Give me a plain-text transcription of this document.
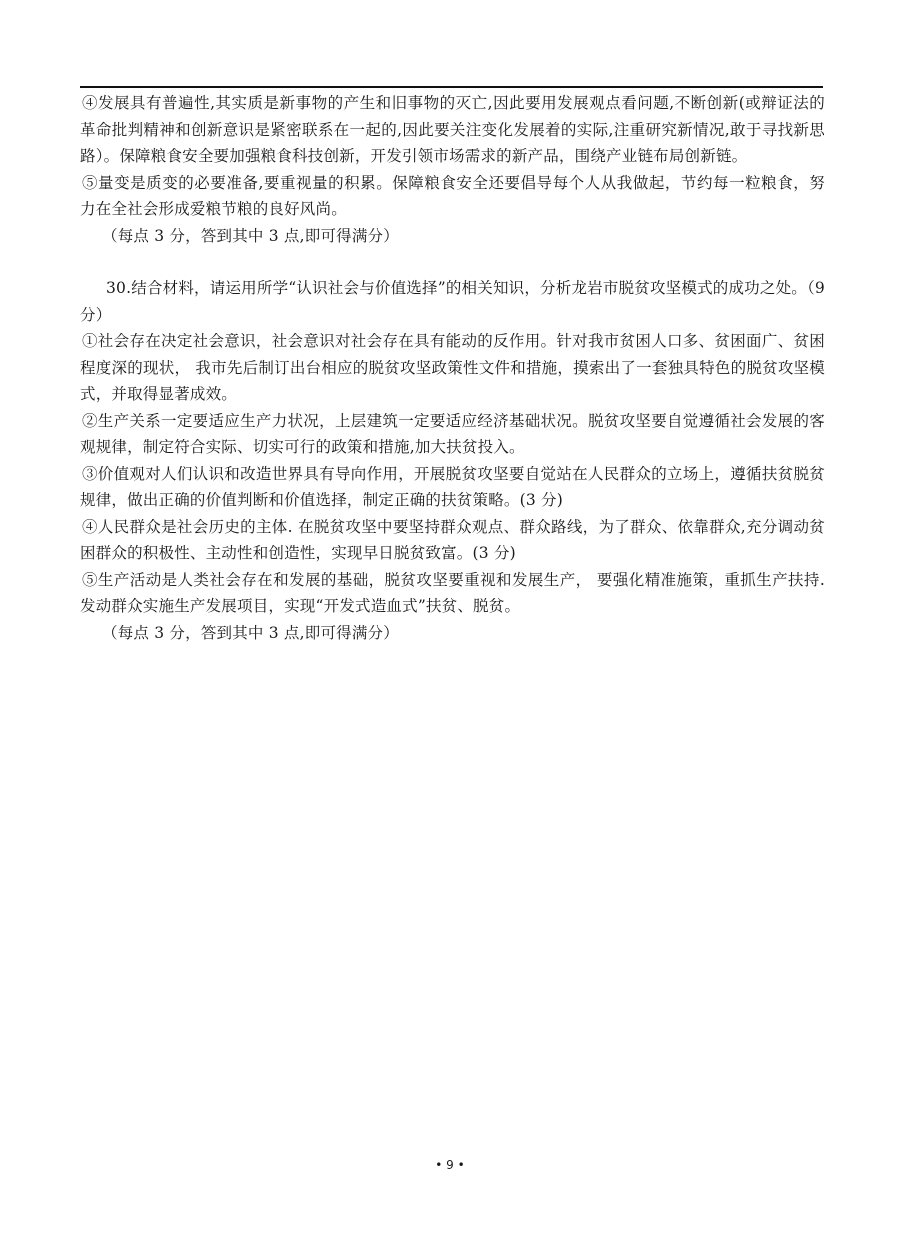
④发展具有普遍性,其实质是新事物的产生和旧事物的灭亡,因此要用发展观点看问题,不断创新(或辩证法的革命批判精神和创新意识是紧密联系在一起的,因此要关注变化发展着的实际,注重研究新情况,敢于寻找新思路）。保障粮食安全要加强粮食科技创新，开发引领市场需求的新产品，围绕产业链布局创新链。

⑤量变是质变的必要准备,要重视量的积累。保障粮食安全还要倡导每个人从我做起，节约每一粒粮食，努力在全社会形成爱粮节粮的良好风尚。

（每点 3 分，答到其中 3 点,即可得满分）

30.结合材料，请运用所学“认识社会与价值选择”的相关知识，分析龙岩市脱贫攻坚模式的成功之处。（9 分）

①社会存在决定社会意识，社会意识对社会存在具有能动的反作用。针对我市贫困人口多、贫困面广、贫困程度深的现状， 我市先后制订出台相应的脱贫攻坚政策性文件和措施，摸索出了一套独具特色的脱贫攻坚模式，并取得显著成效。

②生产关系一定要适应生产力状况，上层建筑一定要适应经济基础状况。脱贫攻坚要自觉遵循社会发展的客观规律，制定符合实际、切实可行的政策和措施,加大扶贫投入。

③价值观对人们认识和改造世界具有导向作用，开展脱贫攻坚要自觉站在人民群众的立场上，遵循扶贫脱贫规律，做出正确的价值判断和价值选择，制定正确的扶贫策略。(3 分)

④人民群众是社会历史的主体. 在脱贫攻坚中要坚持群众观点、群众路线，为了群众、依靠群众,充分调动贫困群众的积极性、主动性和创造性，实现早日脱贫致富。(3 分)

⑤生产活动是人类社会存在和发展的基础，脱贫攻坚要重视和发展生产， 要强化精准施策，重抓生产扶持. 发动群众实施生产发展项目，实现“开发式造血式”扶贫、脱贫。

（每点 3 分，答到其中 3 点,即可得满分）

• 9 •
